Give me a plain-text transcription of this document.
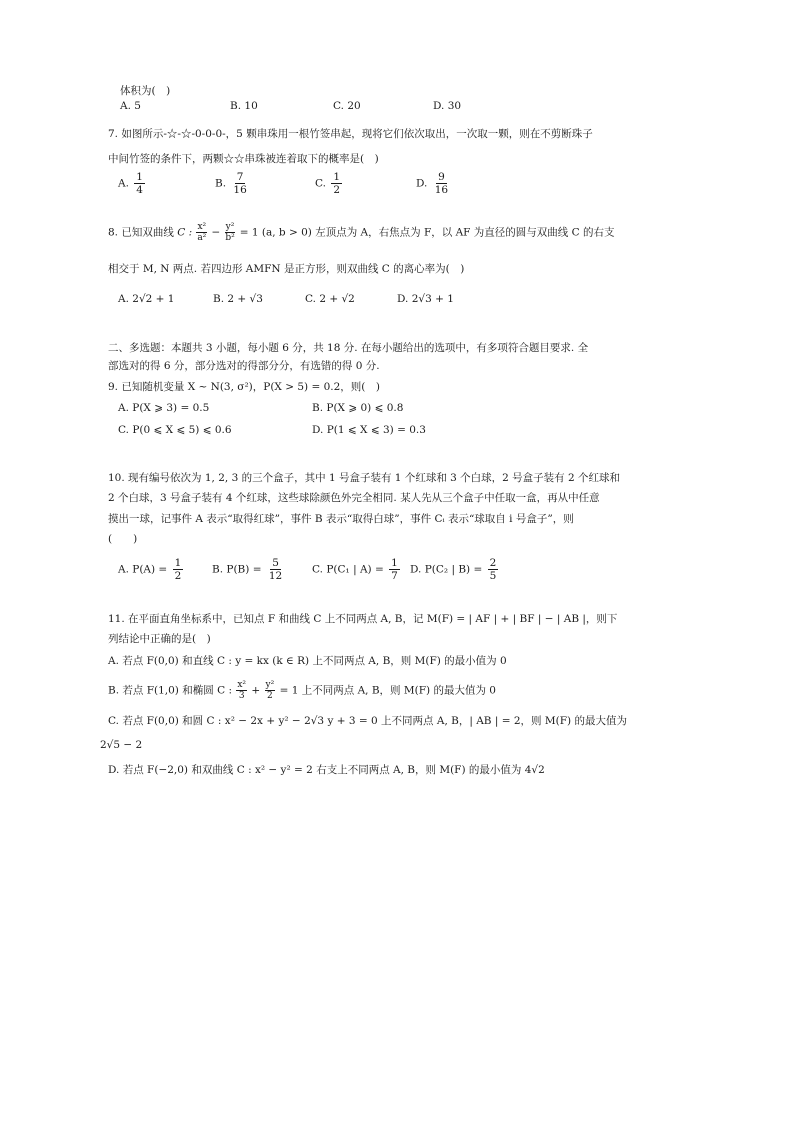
体积为(　)
A. 5	B. 10	C. 20	D. 30
7. 如图所示-☆-☆-0-0-0-，5 颗串珠用一根竹签串起，现将它们依次取出，一次取一颗，则在不剪断珠子
中间竹签的条件下，两颗☆☆串珠被连着取下的概率是(　)
A. $\frac{1}{4}$	B. $\frac{7}{16}$	C. $\frac{1}{2}$	D. $\frac{9}{16}$
8. 已知双曲线 C : $\frac{\text{x²}}{\text{a²}} - \frac{\text{y²}}{\text{b²}} = 1$ (a, b > 0) 左顶点为 A，右焦点为 F，以 AF 为直径的圆与双曲线 C 的右支
相交于 M, N 两点. 若四边形 AMFN 是正方形，则双曲线 C 的离心率为(　)
A. 2√2 + 1	B. 2 + √3	C. 2 + √2	D. 2√3 + 1
二、多选题：本题共 3 小题，每小题 6 分，共 18 分. 在每小题给出的选项中，有多项符合题目要求. 全
部选对的得 6 分，部分选对的得部分分，有选错的得 0 分.
9. 已知随机变量 X ~ N(3, σ²)，P(X > 5) = 0.2，则(　)
A. P(X ⩾ 3) = 0.5	B. P(X ⩾ 0) ⩽ 0.8
C. P(0 ⩽ X ⩽ 5) ⩽ 0.6	D. P(1 ⩽ X ⩽ 3) = 0.3
10. 现有编号依次为 1, 2, 3 的三个盒子，其中 1 号盒子装有 1 个红球和 3 个白球，2 号盒子装有 2 个红球和
2 个白球，3 号盒子装有 4 个红球，这些球除颜色外完全相同. 某人先从三个盒子中任取一盒，再从中任意
摸出一球，记事件 A 表示“取得红球”，事件 B 表示“取得白球”，事件 Cᵢ 表示“球取自 i 号盒子”，则
(　　)
A. $P(A) = \frac{1}{2}$	B. $P(B) = \frac{5}{12}$	C. P(C₁ | $A) = \frac{1}{7} D$. P(C₂ | $B) = \frac{2}{5}$
11. 在平面直角坐标系中，已知点 F 和曲线 C 上不同两点 A, B，记 M(F) = | AF | + | BF | − | AB |，则下
列结论中正确的是(　)
A. 若点 F(0,0) 和直线 C : y = kx (k ∈ R) 上不同两点 A, B，则 M(F) 的最小值为 0
B. 若点 F(1,0) 和椭圆 C : $\frac{\text{x²}}{3} + \frac{\text{y²}}{2} = 1$ 上不同两点 A, B，则 M(F) 的最大值为 0
C. 若点 F(0,0) 和圆 C : x² − 2x + y² − 2√3 y + 3 = 0 上不同两点 A, B，| AB | = 2，则 M(F) 的最大值为
2√5 − 2
D. 若点 F(−2,0) 和双曲线 C : x² − y² = 2 右支上不同两点 A, B，则 M(F) 的最小值为 4√2
